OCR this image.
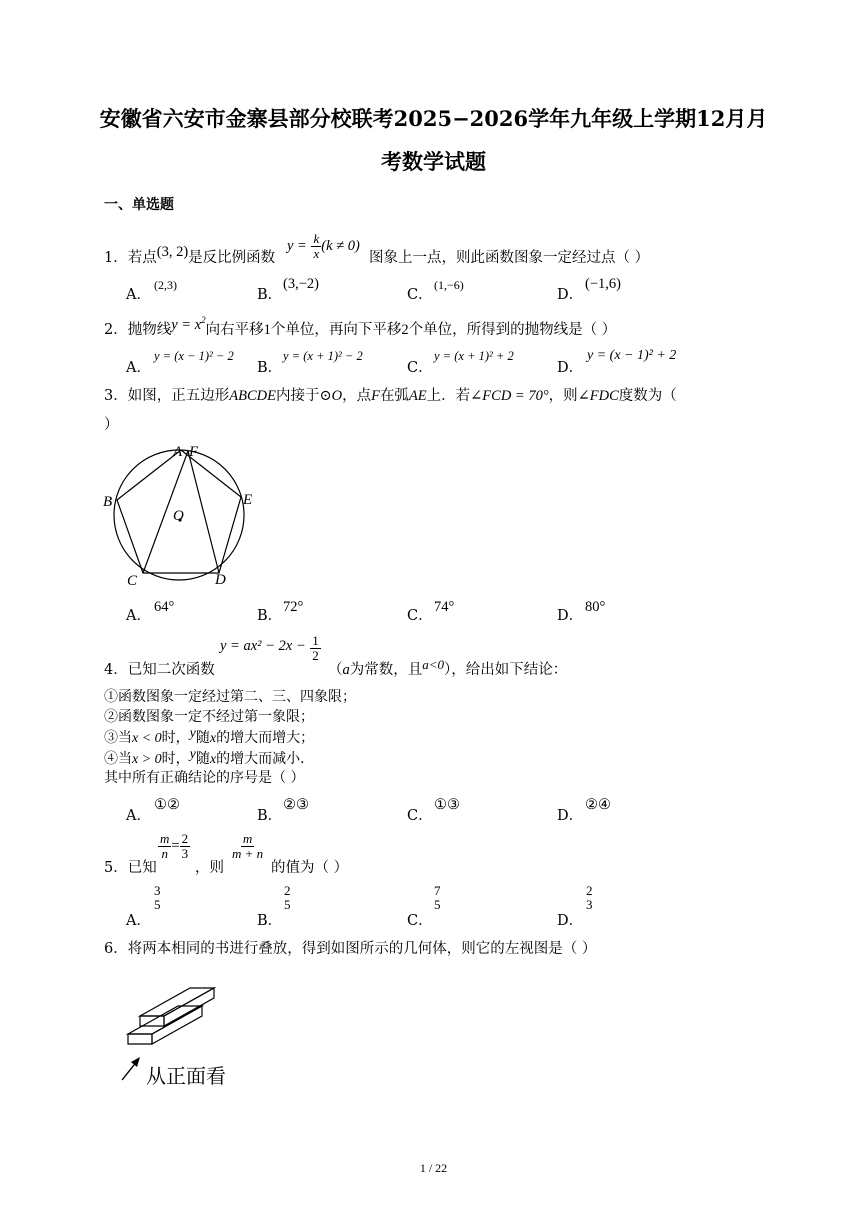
安徽省六安市金寨县部分校联考2025−2026学年九年级上学期12月月
考数学试题
一、单选题
1．若点(3, 2)是反比例函数
$y = \frac{k}{x} (k \ne 0)$
图象上一点，则此函数图象一定经过点（ ）
A．
(2,3)
B．
(3,−2)
C．
(1,−6)
D．
(−1,6)
2．抛物线$y = x^2$向右平移1个单位，再向下平移2个单位，所得到的抛物线是（ ）
A．
y = (x − 1)² − 2
B．
y = (x + 1)² − 2
C．
y = (x + 1)² + 2
D．
y = (x − 1)² + 2
3．如图，正五边形ABCDE内接于⊙O，点F在弧AE上．若∠FCD = 70°，则∠FDC度数为（
）
A F
B	E
O
C	D
A．
64°
B．
72°
C．
74°
D．
80°
4．已知二次函数
$y = ax^2 - 2x - \frac{1}{2}$
（a为常数，且a<0），给出如下结论：
①函数图象一定经过第二、三、四象限；
②函数图象一定不经过第一象限；
③当x < 0时，y随x的增大而增大；
④当x > 0时，y随x的增大而减小．
其中所有正确结论的序号是（ ）
A．
①②
B．
②③
C．
①③
D．
②④
5．已知
$\frac{m}{n} = \frac{2}{3}$
，则
$\frac{m}{m + n}$
的值为（ ）
A．
3
5
B．
2
5
C．
7
5
D．
2
3
6．将两本相同的书进行叠放，得到如图所示的几何体，则它的左视图是（ ）
从正面看
1 / 22
